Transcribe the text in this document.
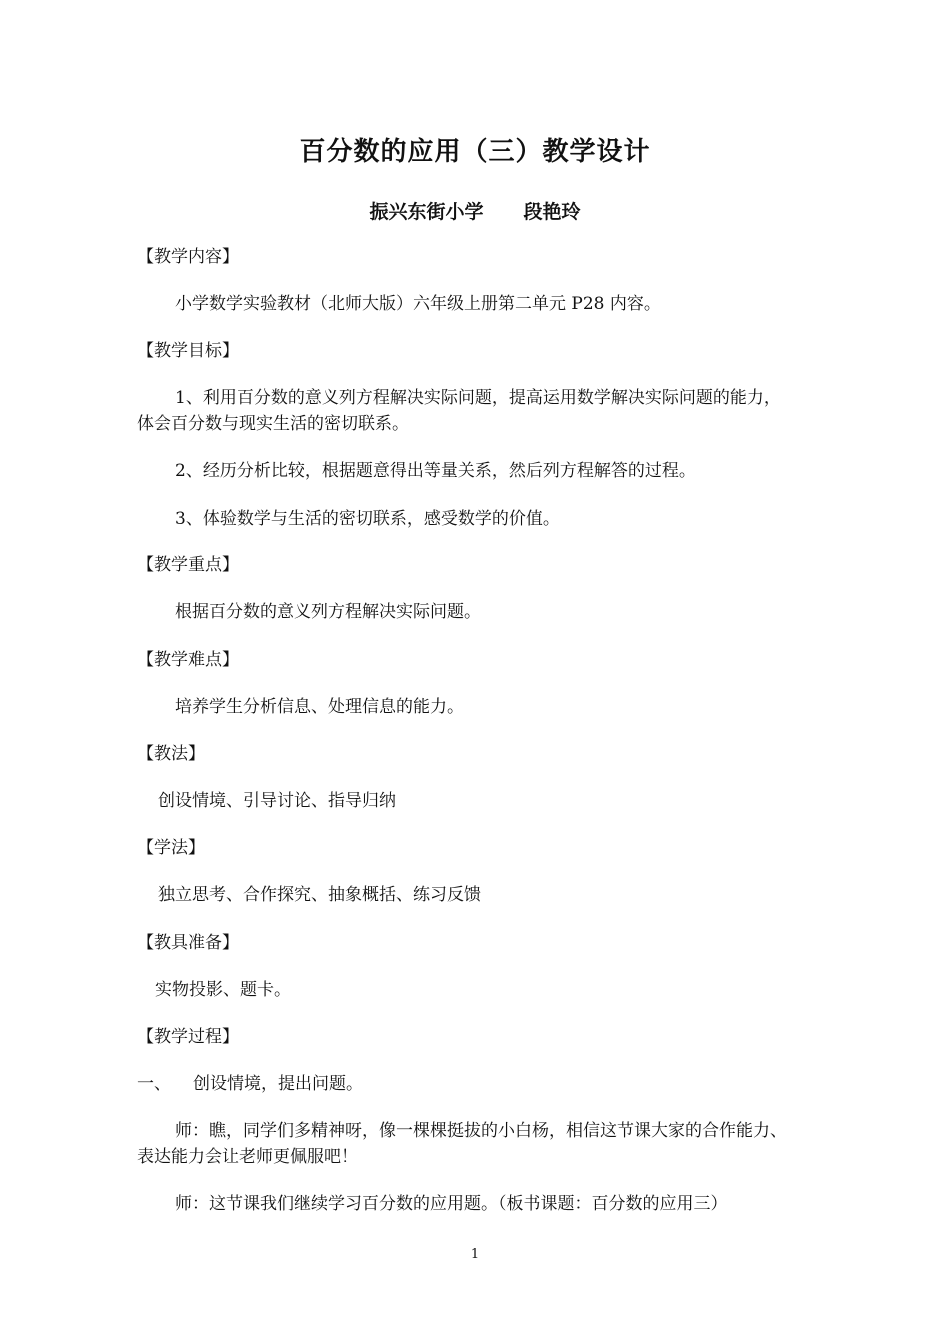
百分数的应用（三）教学设计
振兴东街小学 段艳玲
【教学内容】
小学数学实验教材（北师大版）六年级上册第二单元 P28 内容。
【教学目标】
1、利用百分数的意义列方程解决实际问题，提高运用数学解决实际问题的能力，
体会百分数与现实生活的密切联系。
2、经历分析比较，根据题意得出等量关系，然后列方程解答的过程。
3、体验数学与生活的密切联系，感受数学的价值。
【教学重点】
根据百分数的意义列方程解决实际问题。
【教学难点】
培养学生分析信息、处理信息的能力。
【教法】
创设情境、引导讨论、指导归纳
【学法】
独立思考、合作探究、抽象概括、练习反馈
【教具准备】
实物投影、题卡。
【教学过程】
一、 创设情境，提出问题。
师：瞧，同学们多精神呀，像一棵棵挺拔的小白杨，相信这节课大家的合作能力、
表达能力会让老师更佩服吧！
师：这节课我们继续学习百分数的应用题。（板书课题：百分数的应用三）
1
